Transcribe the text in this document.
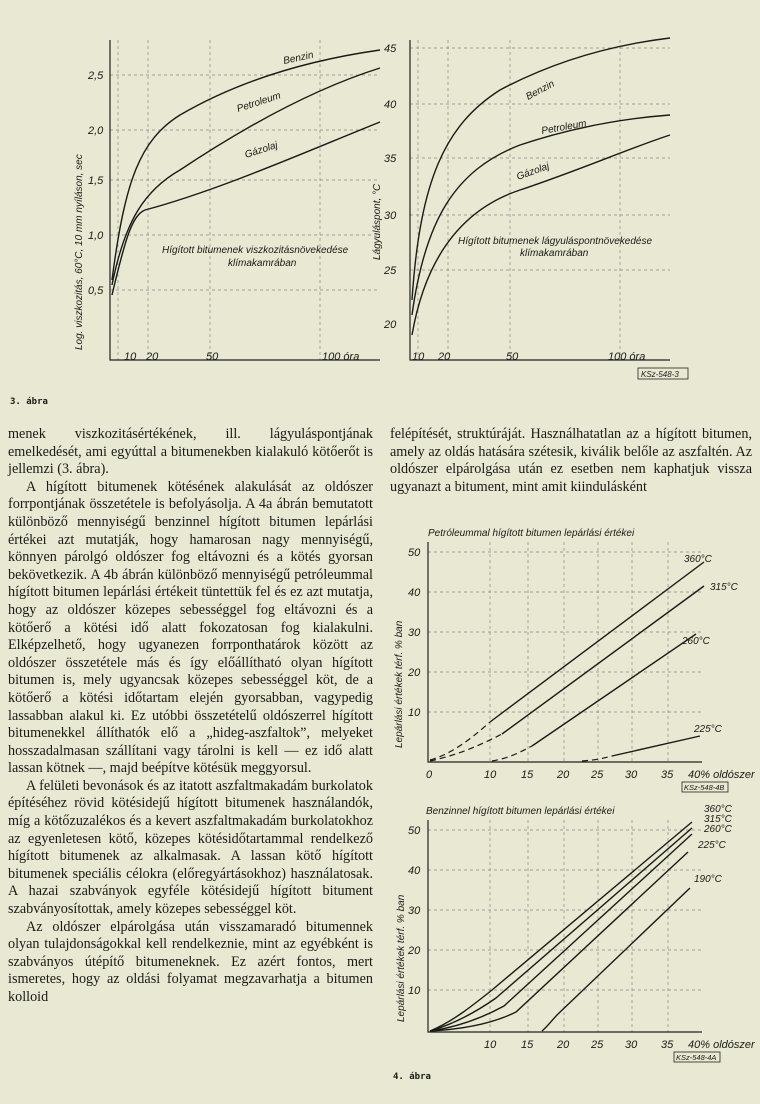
0,5
1,0
1,5
2,0
2,5
10 20	50	100 óra
Log. viszkozitás, 60°C, 10 mm nyíláson, sec
Benzin
Petroleum
Gázolaj
Hígított bitumenek viszkozitásnövekedése
klímakamrában
20
25
30
35
40
45
10 20	50	100 óra
Lágyuláspont, °C
Benzin
Petroleum
Gázolaj
Hígított bitumenek lágyuláspontnövekedése
klímakamrában
KSz-548-3
3. ábra
Petróleummal hígított bitumen lepárlási értékei
10
20
30
40
50
0	10 15 20 25 30 35 40% oldószer
Lepárlási értékek térf. % ban
360°C
315°C
260°C
225°C
KSz-548-4B
Benzinnel hígított bitumen lepárlási értékei
10
20
30
40
50
10 15 20 25 30 35 40% oldószer
Lepárlási értékek térf. % ban
360°C
315°C
260°C
225°C
190°C
KSz-548-4A
4. ábra

menek viszkozitásértékének, ill. lágyuláspontjának emelkedését, ami egyúttal a bitumenekben kialakuló kötőerőt is jellemzi (3. ábra).

A hígított bitumenek kötésének alakulását az oldószer forrpontjának összetétele is befolyásolja. A 4a ábrán bemutatott különböző mennyiségű benzinnel hígított bitumen lepárlási értékei azt mutatják, hogy hamarosan nagy mennyiségű, könnyen párolgó oldószer fog eltávozni és a kötés gyorsan bekövetkezik. A 4b ábrán különböző mennyiségű petróleummal hígított bitumen lepárlási értékeit tüntettük fel és ez azt mutatja, hogy az oldószer közepes sebességgel fog eltávozni és a kötőerő a kötési idő alatt fokozatosan fog kialakulni. Elképzelhető, hogy ugyanezen forrponthatárok között az oldószer összetétele más és így előállítható olyan hígított bitumen is, mely ugyancsak közepes sebességgel köt, de a kötőerő a kötési időtartam elején gyorsabban, vagypedig lassabban alakul ki. Ez utóbbi összetételű oldószerrel hígított bitumenekkel állíthatók elő a „hideg-aszfaltok”, melyeket hosszadalmasan szállítani vagy tárolni is kell — ez idő alatt lassan kötnek —, majd beépítve kötésük meggyorsul.

A felületi bevonások és az itatott aszfaltmakadám burkolatok építéséhez rövid kötésidejű hígított bitumenek használandók, míg a kötőzuzalékos és a kevert aszfaltmakadám burkolatokhoz az egyenletesen kötő, közepes kötésidőtartammal rendelkező hígított bitumenek az alkalmasak. A lassan kötő hígított bitumenek speciális célokra (előregyártásokhoz) használatosak. A hazai szabványok egyféle kötésidejű hígított bitument szabványosítottak, amely közepes sebességgel köt.

Az oldószer elpárolgása után visszamaradó bitumennek olyan tulajdonságokkal kell rendelkeznie, mint az egyébként is szabványos útépítő bitumeneknek. Ez azért fontos, mert ismeretes, hogy az oldási folyamat megzavarhatja a bitumen kolloid

felépítését, struktúráját. Használhatatlan az a hígított bitumen, amely az oldás hatására szétesik, kiválik belőle az aszfaltén. Az oldószer elpárolgása után ez esetben nem kaphatjuk vissza ugyanazt a bitument, mint amit kiindulásként
